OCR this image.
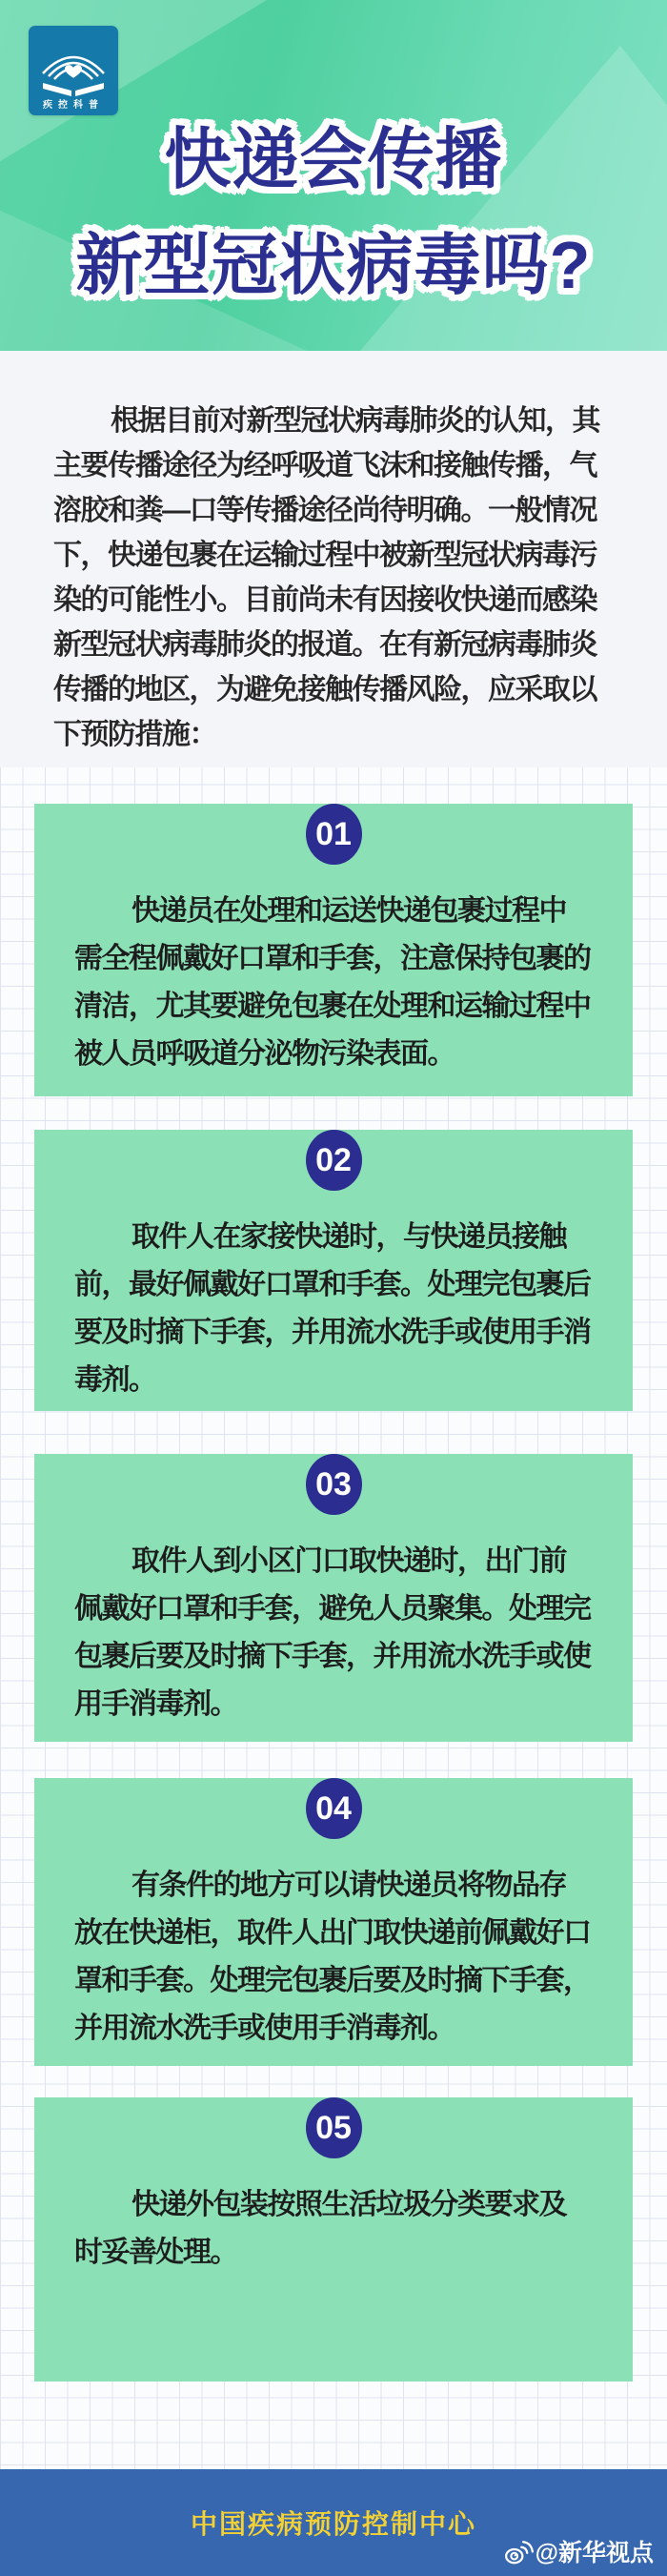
疾控科普
快递会传播
新型冠状病毒吗?

根据目前对新型冠状病毒肺炎的认知，其主要传播途径为经呼吸道飞沫和接触传播，气溶胶和粪—口等传播途径尚待明确。一般情况下，快递包裹在运输过程中被新型冠状病毒污染的可能性小。目前尚未有因接收快递而感染新型冠状病毒肺炎的报道。在有新冠病毒肺炎传播的地区，为避免接触传播风险，应采取以下预防措施：

01

快递员在处理和运送快递包裹过程中需全程佩戴好口罩和手套，注意保持包裹的清洁，尤其要避免包裹在处理和运输过程中被人员呼吸道分泌物污染表面。

02

取件人在家接快递时，与快递员接触前，最好佩戴好口罩和手套。处理完包裹后要及时摘下手套，并用流水洗手或使用手消毒剂。

03

取件人到小区门口取快递时，出门前佩戴好口罩和手套，避免人员聚集。处理完包裹后要及时摘下手套，并用流水洗手或使用手消毒剂。

04

有条件的地方可以请快递员将物品存放在快递柜，取件人出门取快递前佩戴好口罩和手套。处理完包裹后要及时摘下手套，并用流水洗手或使用手消毒剂。

05

快递外包装按照生活垃圾分类要求及时妥善处理。

中国疾病预防控制中心
@新华视点
